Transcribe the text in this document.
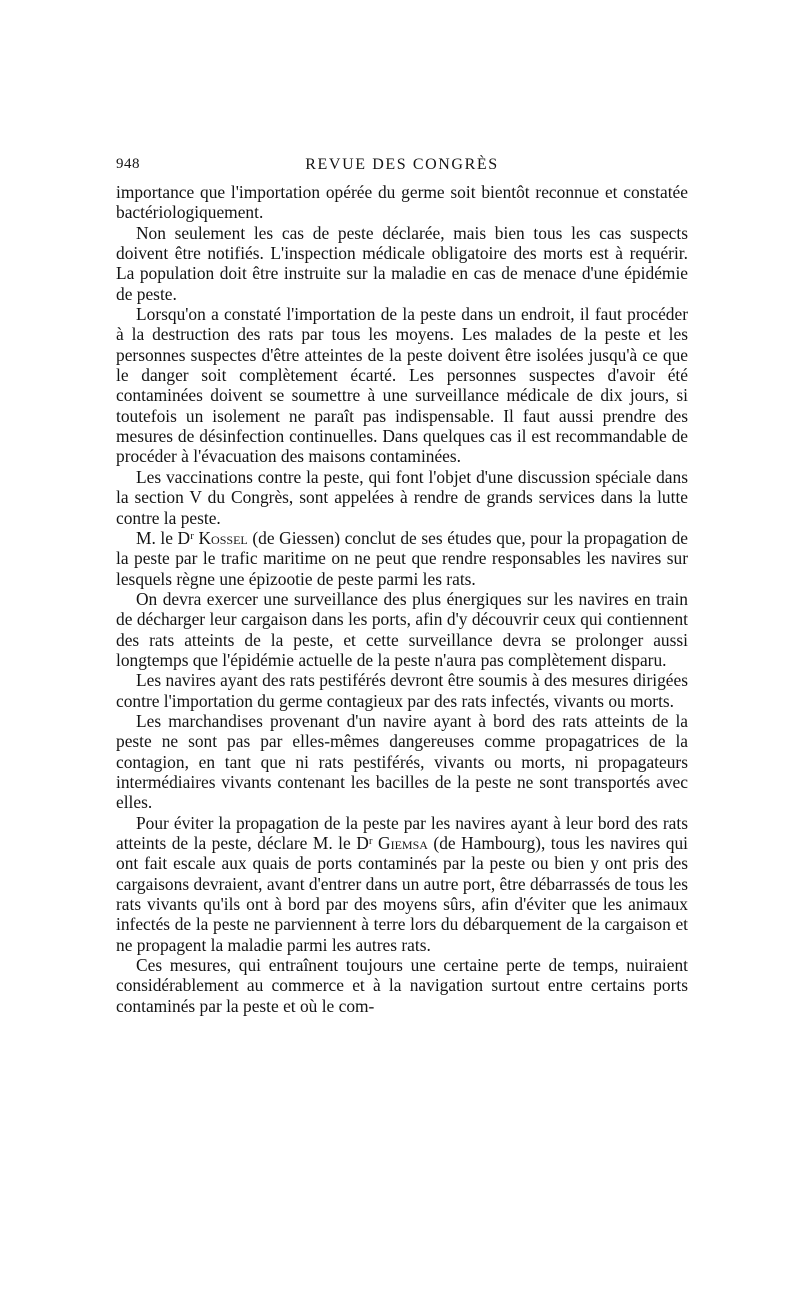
948	REVUE DES CONGRÈS

importance que l'importation opérée du germe soit bientôt reconnue et constatée bactériologiquement.

Non seulement les cas de peste déclarée, mais bien tous les cas suspects doivent être notifiés. L'inspection médicale obligatoire des morts est à requérir. La population doit être instruite sur la maladie en cas de menace d'une épidémie de peste.

Lorsqu'on a constaté l'importation de la peste dans un endroit, il faut procéder à la destruction des rats par tous les moyens. Les malades de la peste et les personnes suspectes d'être atteintes de la peste doivent être isolées jusqu'à ce que le danger soit complètement écarté. Les personnes suspectes d'avoir été contaminées doivent se soumettre à une surveillance médicale de dix jours, si toutefois un isolement ne paraît pas indispensable. Il faut aussi prendre des mesures de désinfection continuelles. Dans quelques cas il est recommandable de procéder à l'évacuation des maisons contaminées.

Les vaccinations contre la peste, qui font l'objet d'une discussion spéciale dans la section V du Congrès, sont appelées à rendre de grands services dans la lutte contre la peste.

M. le Dʳ Kossel (de Giessen) conclut de ses études que, pour la propagation de la peste par le trafic maritime on ne peut que rendre responsables les navires sur lesquels règne une épizootie de peste parmi les rats.

On devra exercer une surveillance des plus énergiques sur les navires en train de décharger leur cargaison dans les ports, afin d'y découvrir ceux qui contiennent des rats atteints de la peste, et cette surveillance devra se prolonger aussi longtemps que l'épidémie actuelle de la peste n'aura pas complètement disparu.

Les navires ayant des rats pestiférés devront être soumis à des mesures dirigées contre l'importation du germe contagieux par des rats infectés, vivants ou morts.

Les marchandises provenant d'un navire ayant à bord des rats atteints de la peste ne sont pas par elles-mêmes dangereuses comme propagatrices de la contagion, en tant que ni rats pestiférés, vivants ou morts, ni propagateurs intermédiaires vivants contenant les bacilles de la peste ne sont transportés avec elles.

Pour éviter la propagation de la peste par les navires ayant à leur bord des rats atteints de la peste, déclare M. le Dʳ Giemsa (de Hambourg), tous les navires qui ont fait escale aux quais de ports contaminés par la peste ou bien y ont pris des cargaisons devraient, avant d'entrer dans un autre port, être débarrassés de tous les rats vivants qu'ils ont à bord par des moyens sûrs, afin d'éviter que les animaux infectés de la peste ne parviennent à terre lors du débarquement de la cargaison et ne propagent la maladie parmi les autres rats.

Ces mesures, qui entraînent toujours une certaine perte de temps, nuiraient considérablement au commerce et à la navigation surtout entre certains ports contaminés par la peste et où le com-
